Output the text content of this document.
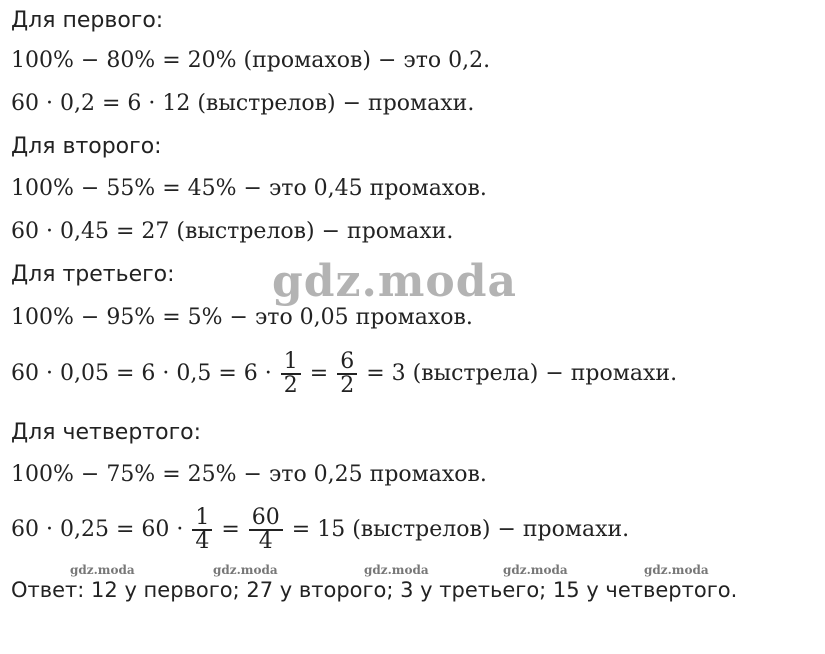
Для первого:
100% − 80% = 20% (промахов) − это 0,2.
60 · 0,2 = 6 · 12 (выстрелов) − промахи.
Для второго:
100% − 55% = 45% − это 0,45 промахов.
60 · 0,45 = 27 (выстрелов) − промахи.
Для третьего:
100% − 95% = 5% − это 0,05 промахов.
$60 \cdot 0,05 = 6 \cdot 0,5 = 6 \cdot \frac{1}{2} = \frac{6}{2} = 3$ (выстрела) − промахи.
Для четвертого:
100% − 75% = 25% − это 0,25 промахов.
$60 \cdot 0,25 = 60 \cdot \frac{1}{4} = \frac{60}{4} = 15$ (выстрелов) − промахи.
Ответ: 12 у первого; 27 у второго; 3 у третьего; 15 у четвертого.
gdz.moda
gdz.moda	gdz.moda	gdz.moda	gdz.moda	gdz.moda
